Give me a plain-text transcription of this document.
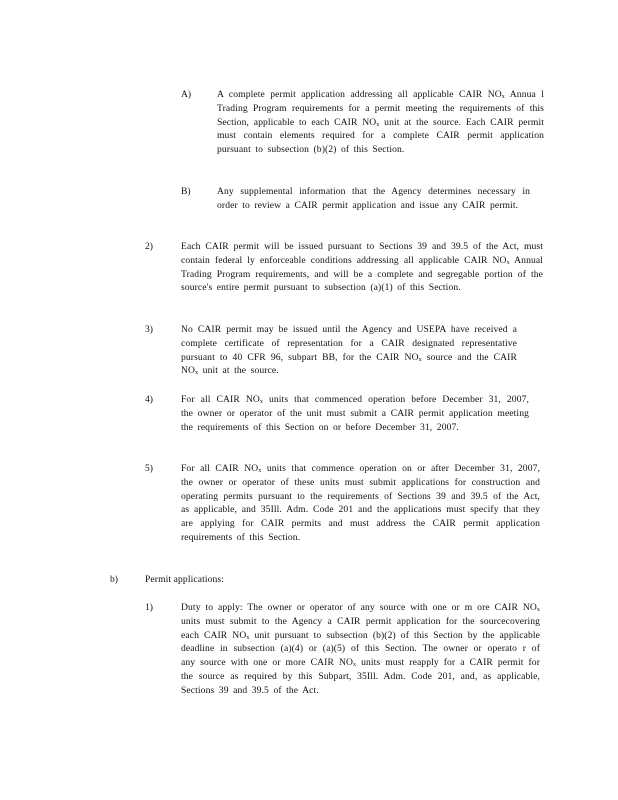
A)	A complete permit application addressing all applicable CAIR $NO_x$ Annua l Trading Program requirements for a permit meeting the requirements of this Section, applicable to each CAIR $NO_x$ unit at the source. Each CAIR permit must contain elements required for a complete CAIR permit application pursuant to subsection (b)(2) of this Section.
B)	Any supplemental information that the Agency determines necessary in order to review a CAIR permit application and issue any CAIR permit.
2)	Each CAIR permit will be issued pursuant to Sections 39 and 39.5 of the Act, must contain federal ly enforceable conditions addressing all applicable CAIR $NO_x$ Annual Trading Program requirements, and will be a complete and segregable portion of the source's entire permit pursuant to subsection (a)(1) of this Section.
3)	No CAIR permit may be issued until the Agency and USEPA have received a complete certificate of representation for a CAIR designated representative pursuant to 40 CFR 96, subpart BB, for the CAIR $NO_x$ source and the CAIR $NO_x$ unit at the source.
4)	For all CAIR $NO_x$ units that commenced operation before December 31, 2007, the owner or operator of the unit must submit a CAIR permit application meeting the requirements of this Section on or before December 31, 2007.
5)	For all CAIR $NO_x$ units that commence operation on or after December 31, 2007, the owner or operator of these units must submit applications for construction and operating permits pursuant to the requirements of Sections 39 and 39.5 of the Act, as applicable, and 35Ill. Adm. Code 201 and the applications must specify that they are applying for CAIR permits and must address the CAIR permit application requirements of this Section.
b)	Permit applications:
1)	Duty to apply: The owner or operator of any source with one or m ore CAIR $NO_x$ units must submit to the Agency a CAIR permit application for the sourcecovering each CAIR $NO_x$ unit pursuant to subsection (b)(2) of this Section by the applicable deadline in subsection (a)(4) or (a)(5) of this Section. The owner or operato r of any source with one or more CAIR $NO_x$ units must reapply for a CAIR permit for the source as required by this Subpart, 35Ill. Adm. Code 201, and, as applicable, Sections 39 and 39.5 of the Act.
